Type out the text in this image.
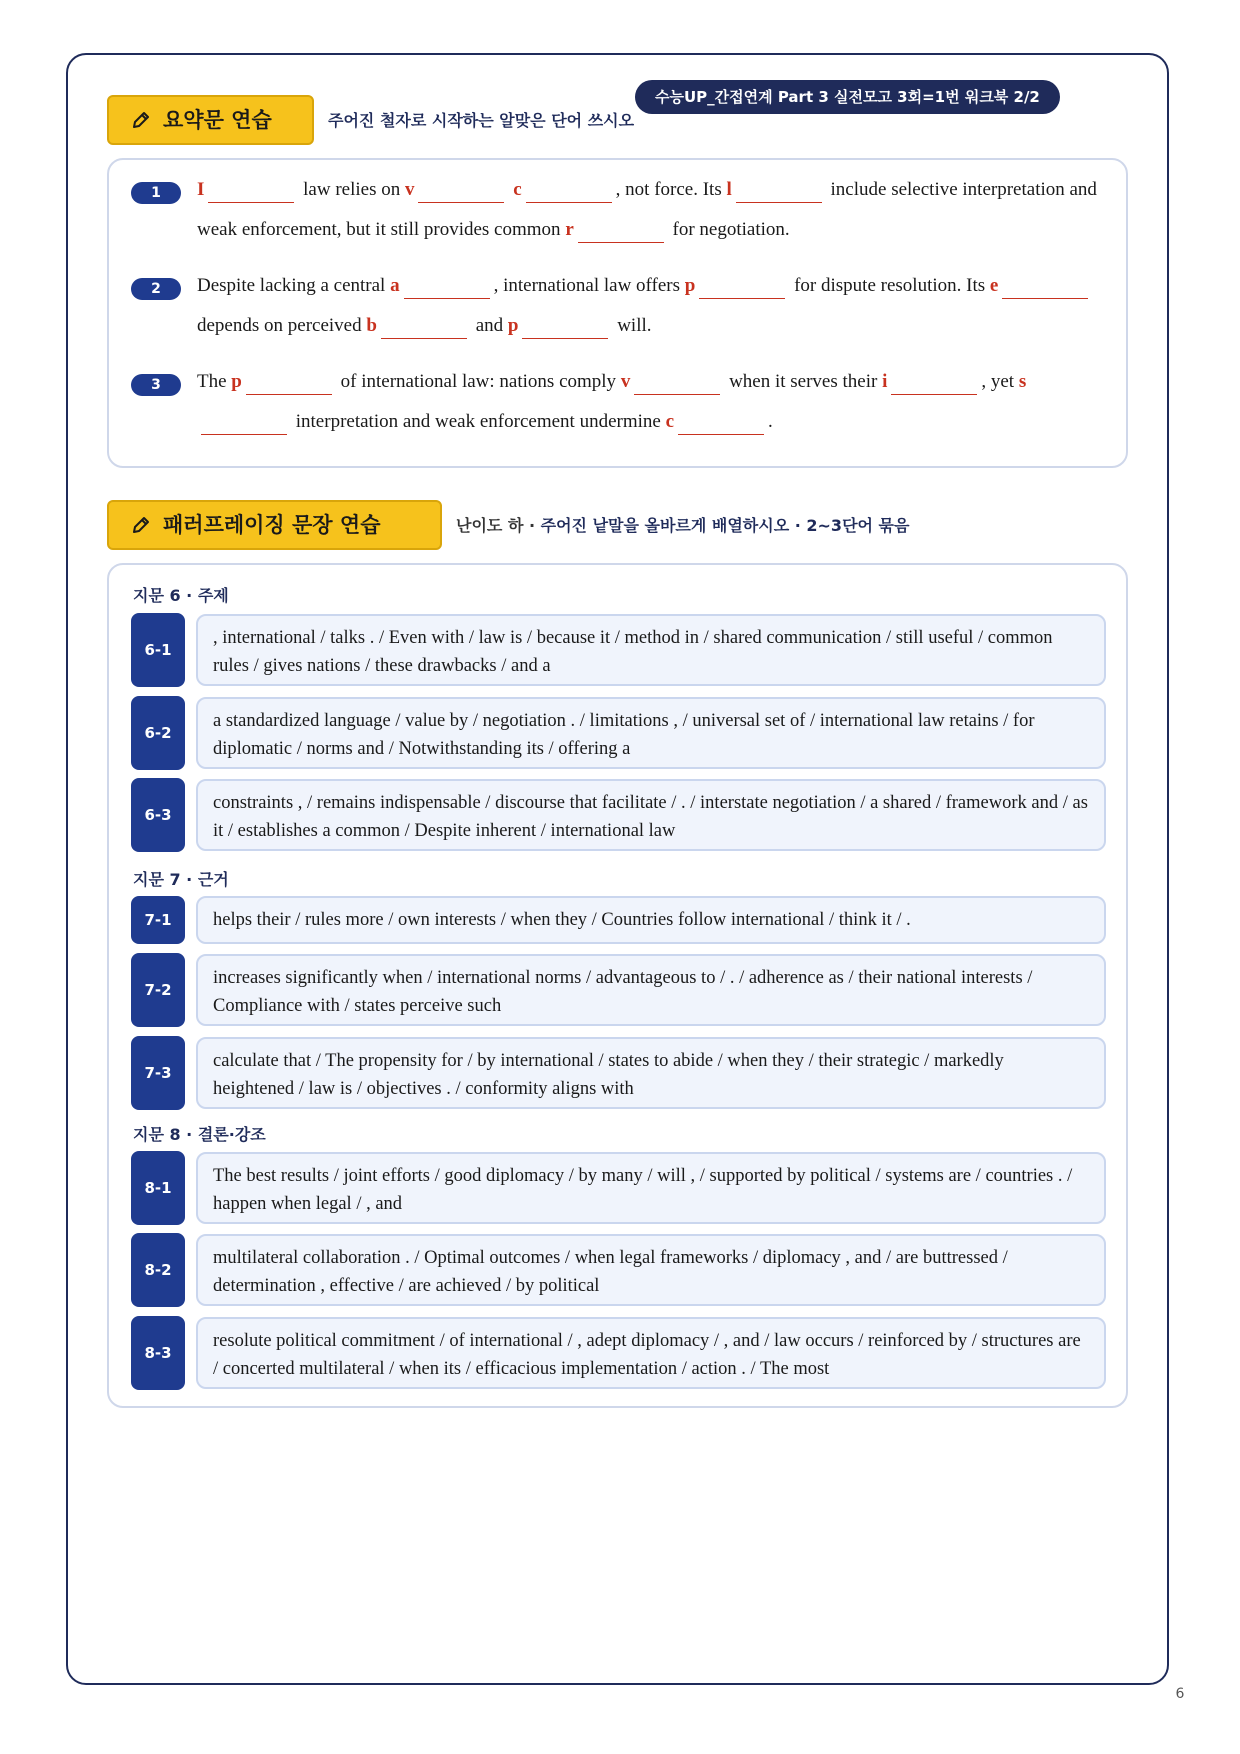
수능UP_간접연계 Part 3 실전모고 3회=1번 워크북 2/2
요약문 연습	주어진 철자로 시작하는 알맞은 단어 쓰시오
1	I	law relies on v	c	, not force. Its l	include selective interpretation and weak enforcement, but it still provides common r	for negotiation.
2	Despite lacking a central a	, international law offers p	for dispute resolution. Its e depends on perceived b	and p	will.
3	The p	of international law: nations comply v	when it serves their i	, yet s interpretation and weak enforcement undermine c	.
패러프레이징 문장 연습	난이도 하 · 주어진 낱말을 올바르게 배열하시오 · 2~3단어 묶음
지문 6 · 주제
6-1
, international / talks . / Even with / law is / because it / method in / shared communication / still useful / common rules / gives nations / these drawbacks / and a
6-2
a standardized language / value by / negotiation . / limitations , / universal set of / international law retains / for diplomatic / norms and / Notwithstanding its / offering a
6-3
constraints , / remains indispensable / discourse that facilitate / . / interstate negotiation / a shared / framework and / as it / establishes a common / Despite inherent / international law
지문 7 · 근거
7-1	helps their / rules more / own interests / when they / Countries follow international / think it / .
7-2
increases significantly when / international norms / advantageous to / . / adherence as / their national interests / Compliance with / states perceive such
7-3
calculate that / The propensity for / by international / states to abide / when they / their strategic / markedly heightened / law is / objectives . / conformity aligns with
지문 8 · 결론·강조
8-1
The best results / joint efforts / good diplomacy / by many / will , / supported by political / systems are / countries . / happen when legal / , and
8-2
multilateral collaboration . / Optimal outcomes / when legal frameworks / diplomacy , and / are buttressed / determination , effective / are achieved / by political
8-3
resolute political commitment / of international / , adept diplomacy / , and / law occurs / reinforced by / structures are / concerted multilateral / when its / efficacious implementation / action . / The most
6
